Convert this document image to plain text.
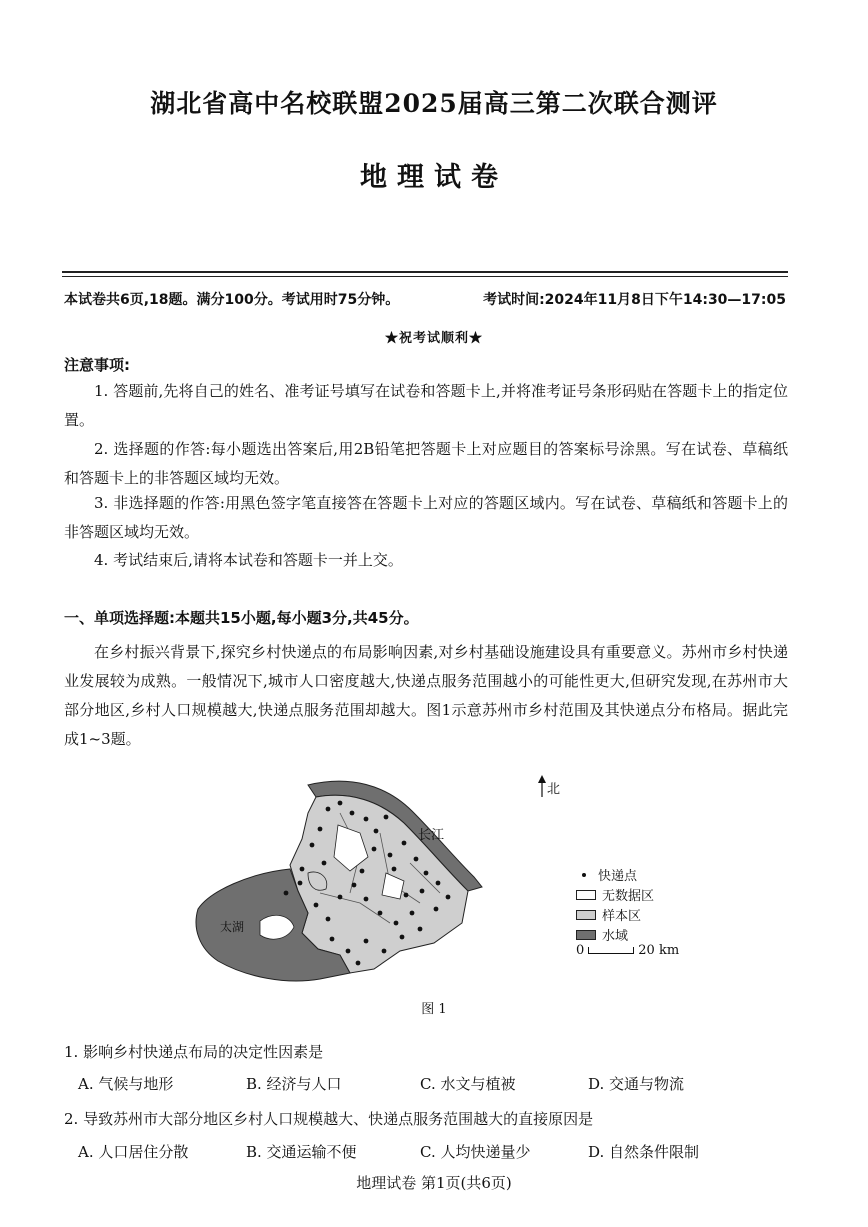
湖北省高中名校联盟2025届高三第二次联合测评
地理试卷
本试卷共6页,18题。满分100分。考试用时75分钟。	考试时间:2024年11月8日下午14:30—17:05
★祝考试顺利★
注意事项:

1. 答题前,先将自己的姓名、准考证号填写在试卷和答题卡上,并将准考证号条形码贴在答题卡上的指定位置。

2. 选择题的作答:每小题选出答案后,用2B铅笔把答题卡上对应题目的答案标号涂黑。写在试卷、草稿纸和答题卡上的非答题区域均无效。

3. 非选择题的作答:用黑色签字笔直接答在答题卡上对应的答题区域内。写在试卷、草稿纸和答题卡上的非答题区域均无效。

4. 考试结束后,请将本试卷和答题卡一并上交。

一、单项选择题:本题共15小题,每小题3分,共45分。

在乡村振兴背景下,探究乡村快递点的布局影响因素,对乡村基础设施建设具有重要意义。苏州市乡村快递业发展较为成熟。一般情况下,城市人口密度越大,快递点服务范围越小的可能性更大,但研究发现,在苏州市大部分地区,乡村人口规模越大,快递点服务范围却越大。图1示意苏州市乡村范围及其快递点分布格局。据此完成1~3题。

长江
太湖
北
快递点
无数据区
样本区
水域
0	20 km
图 1
1. 影响乡村快递点布局的决定性因素是
A. 气候与地形	B. 经济与人口	C. 水文与植被	D. 交通与物流
2. 导致苏州市大部分地区乡村人口规模越大、快递点服务范围越大的直接原因是
A. 人口居住分散	B. 交通运输不便	C. 人均快递量少	D. 自然条件限制
地理试卷 第1页(共6页)
